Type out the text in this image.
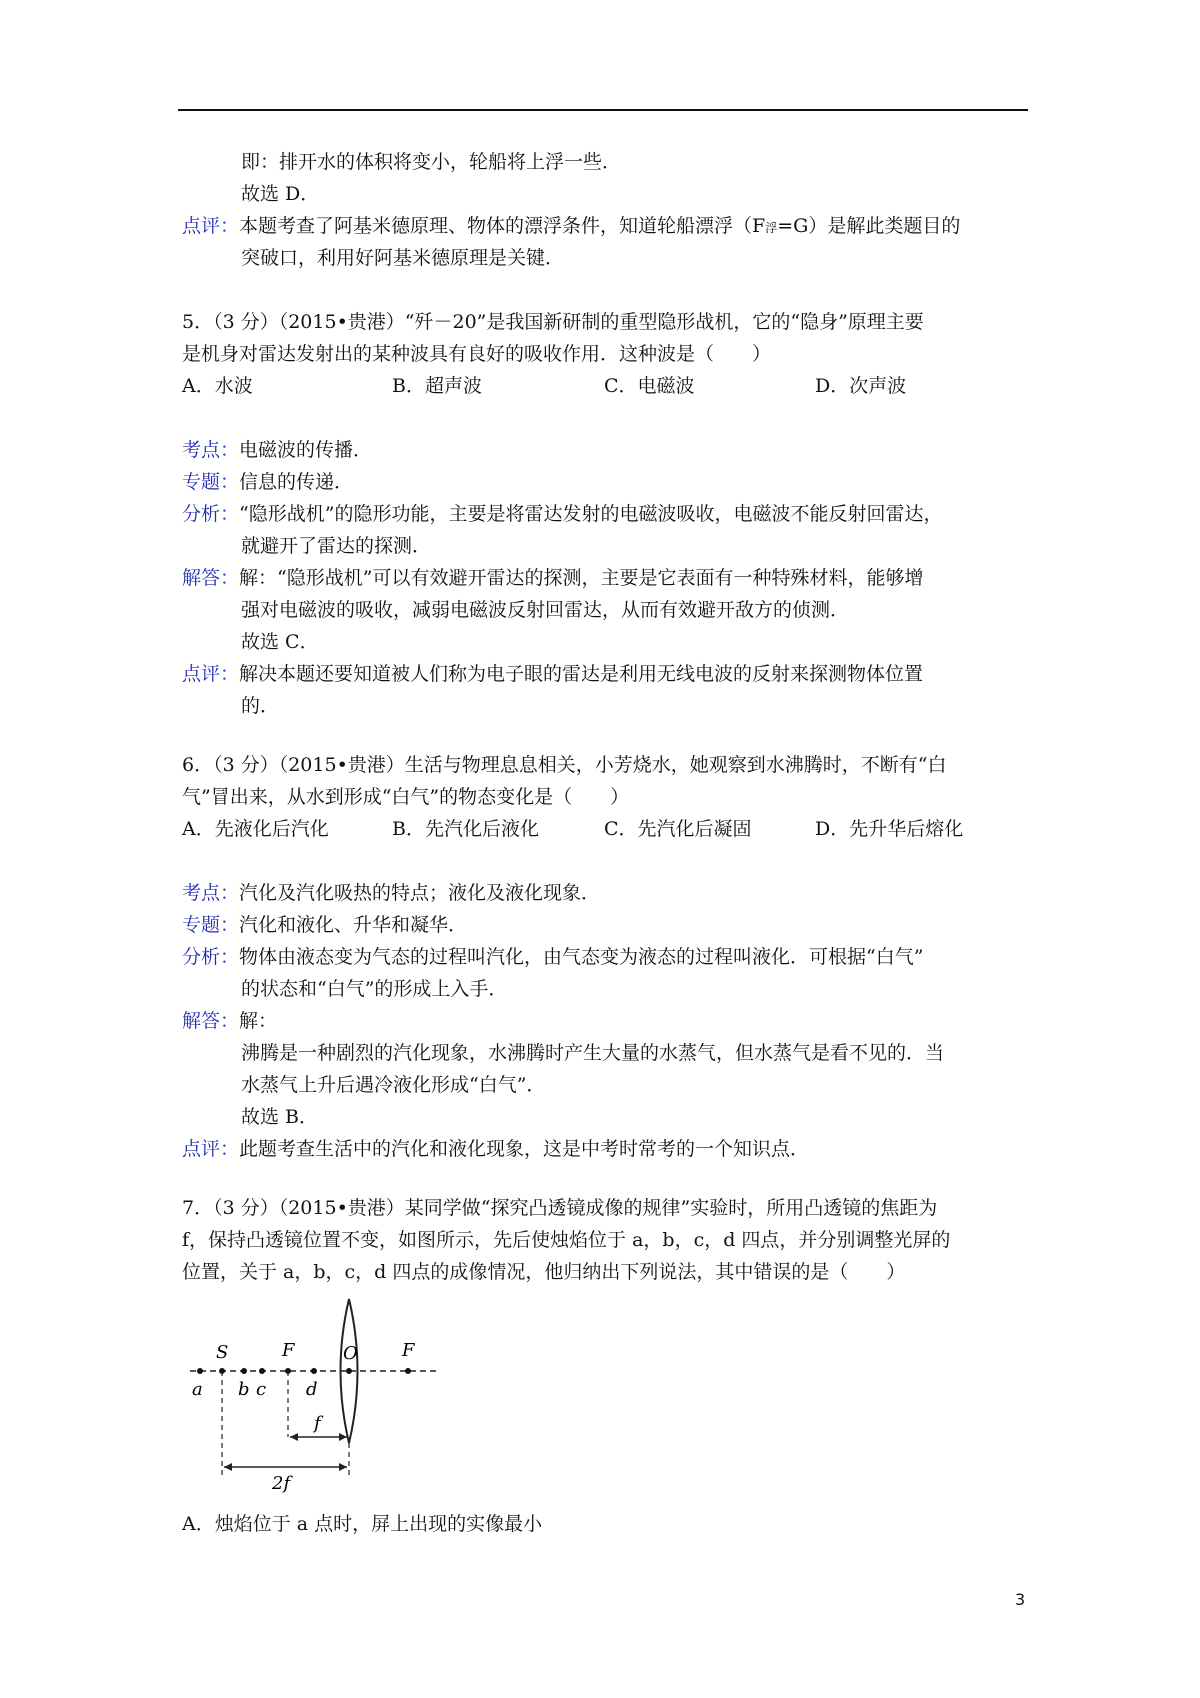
即：排开水的体积将变小，轮船将上浮一些．
故选 D．
点评：本题考查了阿基米德原理、物体的漂浮条件，知道轮船漂浮（F浮=G）是解此类题目的
突破口，利用好阿基米德原理是关键．
5．（3 分）（2015•贵港）“歼－20”是我国新研制的重型隐形战机，它的“隐身”原理主要
是机身对雷达发射出的某种波具有良好的吸收作用．这种波是（　　）
A．水波	B．超声波	C．电磁波	D．次声波
考点：电磁波的传播．
专题：信息的传递．
分析：“隐形战机”的隐形功能，主要是将雷达发射的电磁波吸收，电磁波不能反射回雷达，
就避开了雷达的探测．
解答：解：“隐形战机”可以有效避开雷达的探测，主要是它表面有一种特殊材料，能够增
强对电磁波的吸收，减弱电磁波反射回雷达，从而有效避开敌方的侦测．
故选 C．
点评：解决本题还要知道被人们称为电子眼的雷达是利用无线电波的反射来探测物体位置
的．
6．（3 分）（2015•贵港）生活与物理息息相关，小芳烧水，她观察到水沸腾时，不断有“白
气”冒出来，从水到形成“白气”的物态变化是（　　）
A．先液化后汽化	B．先汽化后液化	C．先汽化后凝固	D．先升华后熔化
考点：汽化及汽化吸热的特点；液化及液化现象．
专题：汽化和液化、升华和凝华．
分析：物体由液态变为气态的过程叫汽化，由气态变为液态的过程叫液化．可根据“白气”
的状态和“白气”的形成上入手．
解答：解：
沸腾是一种剧烈的汽化现象，水沸腾时产生大量的水蒸气，但水蒸气是看不见的．当
水蒸气上升后遇冷液化形成“白气”．
故选 B．
点评：此题考查生活中的汽化和液化现象，这是中考时常考的一个知识点．
7．（3 分）（2015•贵港）某同学做“探究凸透镜成像的规律”实验时，所用凸透镜的焦距为
f，保持凸透镜位置不变，如图所示，先后使烛焰位于 a，b，c，d 四点，并分别调整光屏的
位置，关于 a，b，c，d 四点的成像情况，他归纳出下列说法，其中错误的是（　　）
S	F	O F
a b c d
f
2f
A．烛焰位于 a 点时，屏上出现的实像最小
3
